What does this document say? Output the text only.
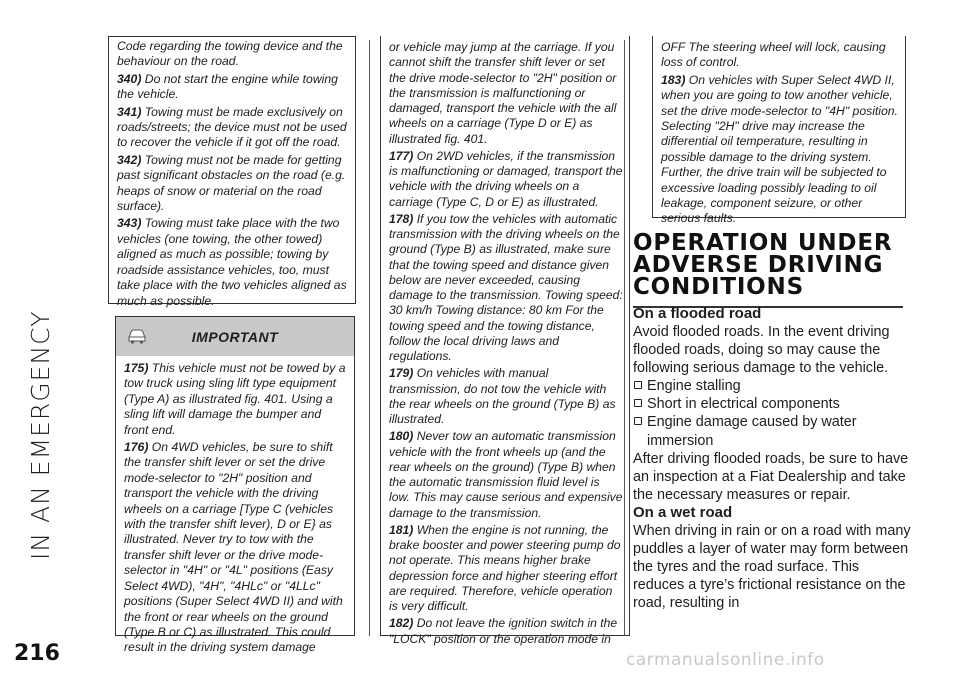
IN AN EMERGENCY
216	carmanualsonline.info

Code regarding the towing device and the behaviour on the road.

340) Do not start the engine while towing the vehicle.

341) Towing must be made exclusively on roads/streets; the device must not be used to recover the vehicle if it got off the road.

342) Towing must not be made for getting past significant obstacles on the road (e.g. heaps of snow or material on the road surface).

343) Towing must take place with the two vehicles (one towing, the other towed) aligned as much as possible; towing by roadside assistance vehicles, too, must take place with the two vehicles aligned as much as possible.

IMPORTANT

175) This vehicle must not be towed by a tow truck using sling lift type equipment (Type A) as illustrated fig. 401. Using a sling lift will damage the bumper and front end.

176) On 4WD vehicles, be sure to shift the transfer shift lever or set the drive mode-selector to "2H" position and transport the vehicle with the driving wheels on a carriage [Type C (vehicles with the transfer shift lever), D or E} as illustrated. Never try to tow with the transfer shift lever or the drive mode-selector in "4H" or "4L" positions (Easy Select 4WD), "4H", "4HLc" or "4LLc" positions (Super Select 4WD II) and with the front or rear wheels on the ground (Type B or C) as illustrated. This could result in the driving system damage

or vehicle may jump at the carriage. If you cannot shift the transfer shift lever or set the drive mode-selector to "2H" position or the transmission is malfunctioning or damaged, transport the vehicle with the all wheels on a carriage (Type D or E) as illustrated fig. 401.

177) On 2WD vehicles, if the transmission is malfunctioning or damaged, transport the vehicle with the driving wheels on a carriage (Type C, D or E) as illustrated.

178) If you tow the vehicles with automatic transmission with the driving wheels on the ground (Type B) as illustrated, make sure that the towing speed and distance given below are never exceeded, causing damage to the transmission. Towing speed: 30 km/h Towing distance: 80 km For the towing speed and the towing distance, follow the local driving laws and regulations.

179) On vehicles with manual transmission, do not tow the vehicle with the rear wheels on the ground (Type B) as illustrated.

180) Never tow an automatic transmission vehicle with the front wheels up (and the rear wheels on the ground) (Type B) when the automatic transmission fluid level is low. This may cause serious and expensive damage to the transmission.

181) When the engine is not running, the brake booster and power steering pump do not operate. This means higher brake depression force and higher steering effort are required. Therefore, vehicle operation is very difficult.

182) Do not leave the ignition switch in the "LOCK" position or the operation mode in

OFF The steering wheel will lock, causing loss of control.

183) On vehicles with Super Select 4WD II, when you are going to tow another vehicle, set the drive mode-selector to "4H" position. Selecting "2H" drive may increase the differential oil temperature, resulting in possible damage to the driving system. Further, the drive train will be subjected to excessive loading possibly leading to oil leakage, component seizure, or other serious faults.

OPERATION UNDER ADVERSE DRIVING CONDITIONS
On a flooded road

Avoid flooded roads. In the event driving flooded roads, doing so may cause the following serious damage to the vehicle.

Engine stalling
Short in electrical components
Engine damage caused by water immersion

After driving flooded roads, be sure to have an inspection at a Fiat Dealership and take the necessary measures or repair.

On a wet road

When driving in rain or on a road with many puddles a layer of water may form between the tyres and the road surface. This reduces a tyre’s frictional resistance on the road, resulting in
